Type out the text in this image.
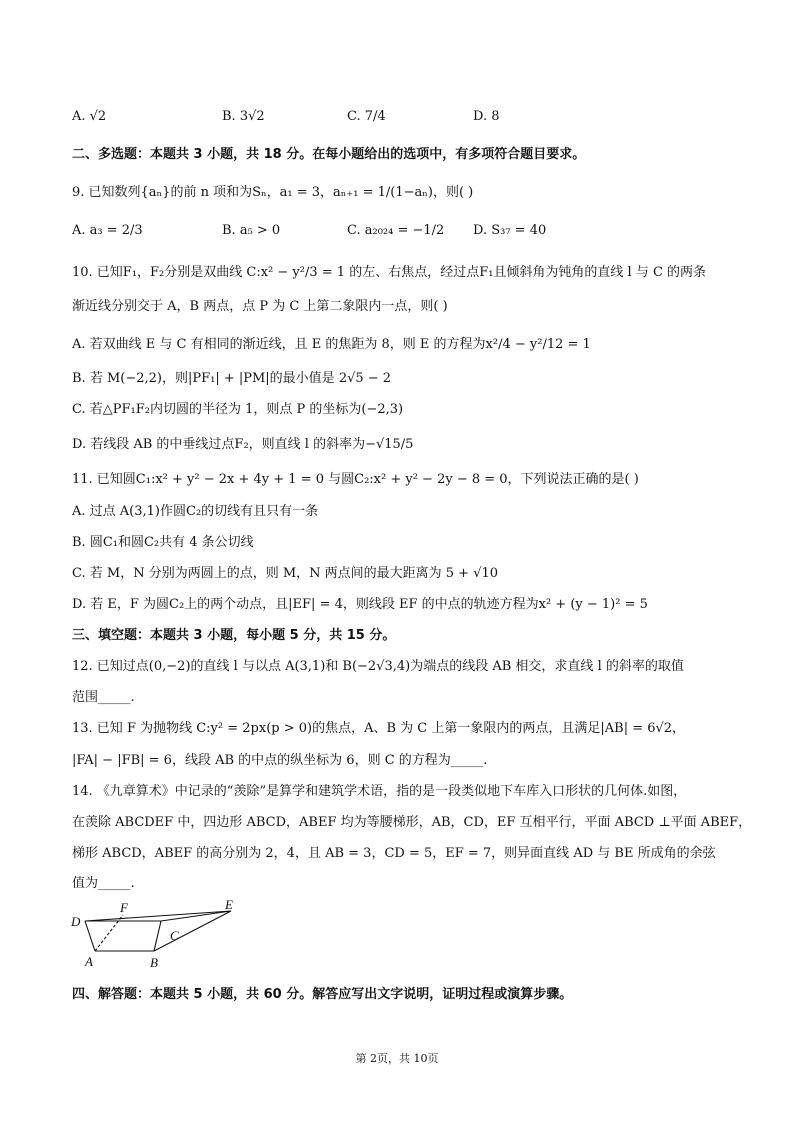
A. √2	B. 3√2	C. 7/4	D. 8
二、多选题：本题共 3 小题，共 18 分。在每小题给出的选项中，有多项符合题目要求。
9. 已知数列{aₙ}的前 n 项和为Sₙ，a₁ = 3，aₙ₊₁ = 1/(1−aₙ)，则( )
A. a₃ = 2/3	B. a₅ > 0	C. a₂₀₂₄ = −1/2 D. S₃₇ = 40
10. 已知F₁，F₂分别是双曲线 C:x² − y²/3 = 1 的左、右焦点，经过点F₁且倾斜角为钝角的直线 l 与 C 的两条
渐近线分别交于 A，B 两点，点 P 为 C 上第二象限内一点，则( )
A. 若双曲线 E 与 C 有相同的渐近线，且 E 的焦距为 8，则 E 的方程为x²/4 − y²/12 = 1
B. 若 M(−2,2)，则|PF₁| + |PM|的最小值是 2√5 − 2
C. 若△PF₁F₂内切圆的半径为 1，则点 P 的坐标为(−2,3)
D. 若线段 AB 的中垂线过点F₂，则直线 l 的斜率为−√15/5
11. 已知圆C₁:x² + y² − 2x + 4y + 1 = 0 与圆C₂:x² + y² − 2y − 8 = 0，下列说法正确的是( )
A. 过点 A(3,1)作圆C₂的切线有且只有一条
B. 圆C₁和圆C₂共有 4 条公切线
C. 若 M，N 分别为两圆上的点，则 M，N 两点间的最大距离为 5 + √10
D. 若 E，F 为圆C₂上的两个动点，且|EF| = 4，则线段 EF 的中点的轨迹方程为x² + (y − 1)² = 5
三、填空题：本题共 3 小题，每小题 5 分，共 15 分。
12. 已知过点(0,−2)的直线 l 与以点 A(3,1)和 B(−2√3,4)为端点的线段 AB 相交，求直线 l 的斜率的取值
范围_____.
13. 已知 F 为抛物线 C:y² = 2px(p > 0)的焦点，A、B 为 C 上第一象限内的两点，且满足|AB| = 6√2，
|FA| − |FB| = 6，线段 AB 的中点的纵坐标为 6，则 C 的方程为_____.
14. 《九章算术》中记录的“羡除”是算学和建筑学术语，指的是一段类似地下车库入口形状的几何体.如图，
在羡除 ABCDEF 中，四边形 ABCD，ABEF 均为等腰梯形，AB，CD，EF 互相平行，平面 ABCD ⊥平面 ABEF，
梯形 ABCD，ABEF 的高分别为 2，4，且 AB = 3，CD = 5，EF = 7，则异面直线 AD 与 BE 所成角的余弦
值为_____.
D
F	E
C
A	B
四、解答题：本题共 5 小题，共 60 分。解答应写出文字说明，证明过程或演算步骤。
第 2页，共 10页
